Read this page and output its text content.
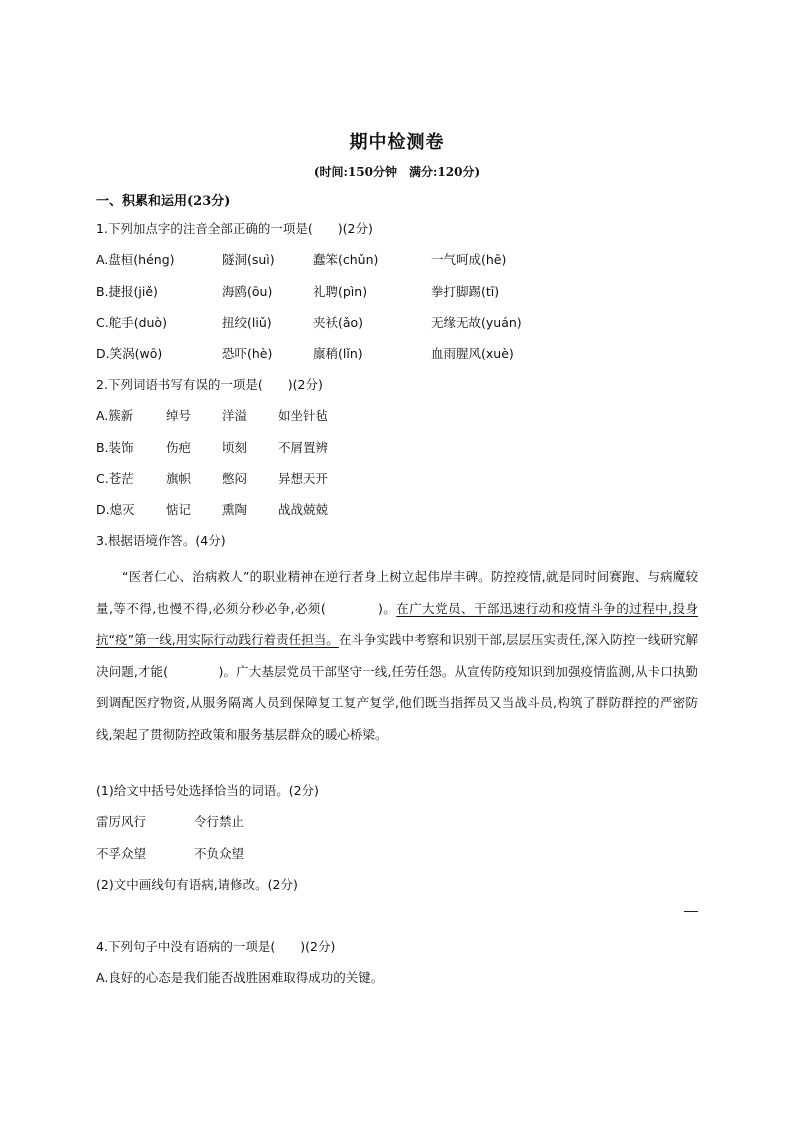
期中检测卷
(时间:150分钟　满分:120分)
一、积累和运用(23分)
1.下列加点字的注音全部正确的一项是(　　)(2分)
A.盘桓(héng)	隧洞(suì)	蠢笨(chǔn)	一气呵成(hē)
B.捷报(jiě)	海鸥(ōu)	礼聘(pìn)	拳打脚踢(tī)
C.舵手(duò)	扭绞(liǔ)	夹袄(ǎo)	无缘无故(yuán)
D.笑涡(wō)	恐吓(hè)	廪稍(lǐn)	血雨腥风(xuè)
2.下列词语书写有误的一项是(　　)(2分)
A.簇新	绰号 洋溢 如坐针毡
B.装饰	伤疤 顷刻 不屑置辨
C.苍茫	旗帜 憋闷 异想天开
D.熄灭	惦记 熏陶 战战兢兢
3.根据语境作答。(4分)
“医者仁心、治病救人”的职业精神在逆行者身上树立起伟岸丰碑。防控疫情,就是同时间赛跑、与病魔较量,等不得,也慢不得,必须分秒必争,必须(　　　　)。在广大党员、干部迅速行动和疫情斗争的过程中,投身抗“疫”第一线,用实际行动践行着责任担当。在斗争实践中考察和识别干部,层层压实责任,深入防控一线研究解决问题,才能(　　　　)。广大基层党员干部坚守一线,任劳任怨。从宣传防疫知识到加强疫情监测,从卡口执勤到调配医疗物资,从服务隔离人员到保障复工复产复学,他们既当指挥员又当战斗员,构筑了群防群控的严密防线,架起了贯彻防控政策和服务基层群众的暖心桥梁。
(1)给文中括号处选择恰当的词语。(2分)
雷厉风行	令行禁止
不孚众望	不负众望
(2)文中画线句有语病,请修改。(2分)
4.下列句子中没有语病的一项是(　　)(2分)
A.良好的心态是我们能否战胜困难取得成功的关键。
